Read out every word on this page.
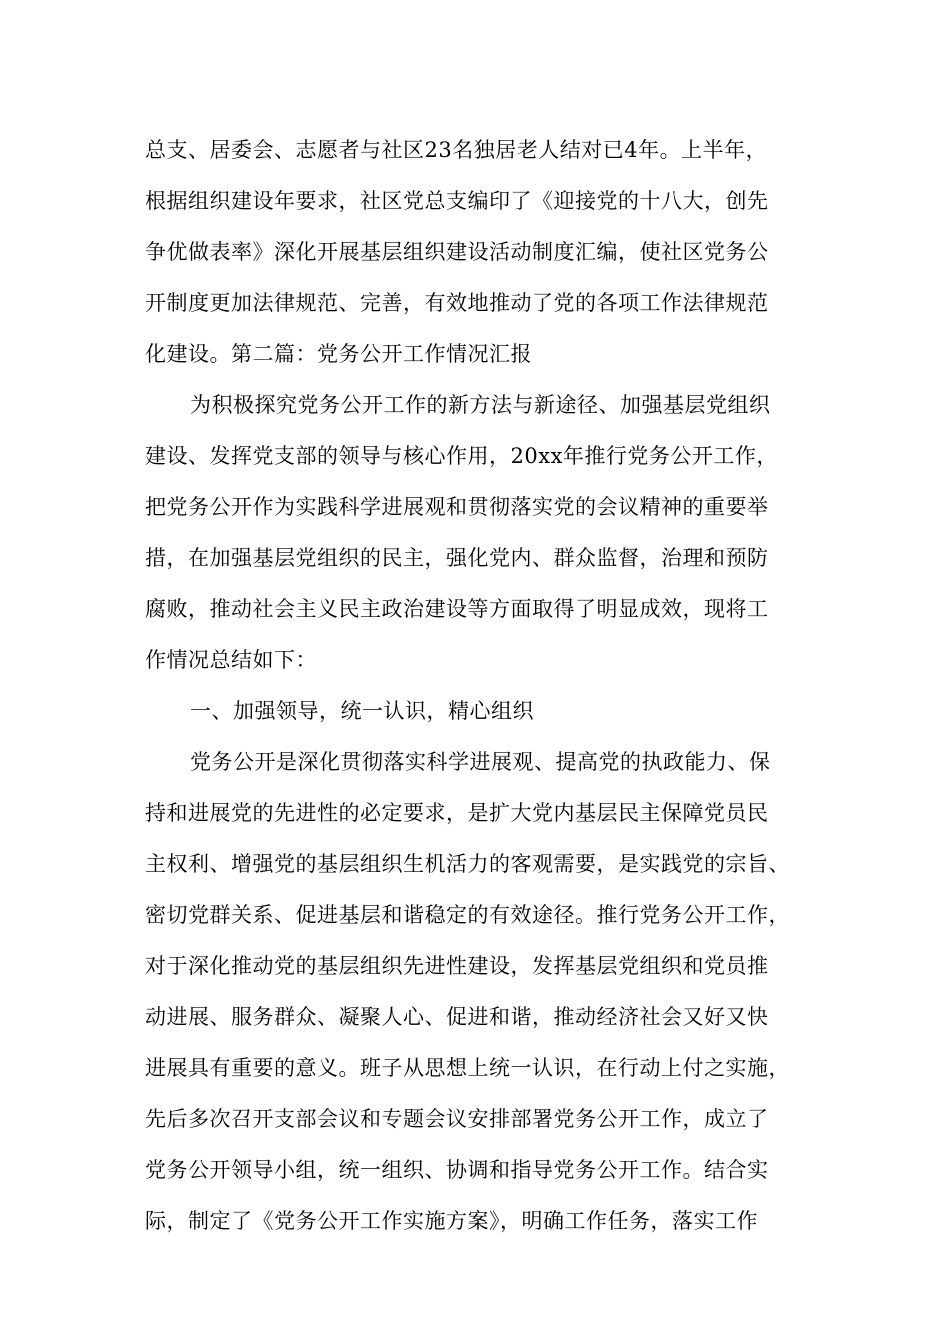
总支、居委会、志愿者与社区23名独居老人结对已4年。上半年，
根据组织建设年要求，社区党总支编印了《迎接党的十八大，创先
争优做表率》深化开展基层组织建设活动制度汇编，使社区党务公
开制度更加法律规范、完善，有效地推动了党的各项工作法律规范
化建设。第二篇：党务公开工作情况汇报
为积极探究党务公开工作的新方法与新途径、加强基层党组织
建设、发挥党支部的领导与核心作用，20xx年推行党务公开工作，
把党务公开作为实践科学进展观和贯彻落实党的会议精神的重要举
措，在加强基层党组织的民主，强化党内、群众监督，治理和预防
腐败，推动社会主义民主政治建设等方面取得了明显成效，现将工
作情况总结如下：
一、加强领导，统一认识，精心组织
党务公开是深化贯彻落实科学进展观、提高党的执政能力、保
持和进展党的先进性的必定要求，是扩大党内基层民主保障党员民
主权利、增强党的基层组织生机活力的客观需要，是实践党的宗旨、
密切党群关系、促进基层和谐稳定的有效途径。推行党务公开工作，
对于深化推动党的基层组织先进性建设，发挥基层党组织和党员推
动进展、服务群众、凝聚人心、促进和谐，推动经济社会又好又快
进展具有重要的意义。班子从思想上统一认识，在行动上付之实施，
先后多次召开支部会议和专题会议安排部署党务公开工作，成立了
党务公开领导小组，统一组织、协调和指导党务公开工作。结合实
际，制定了《党务公开工作实施方案》，明确工作任务，落实工作
